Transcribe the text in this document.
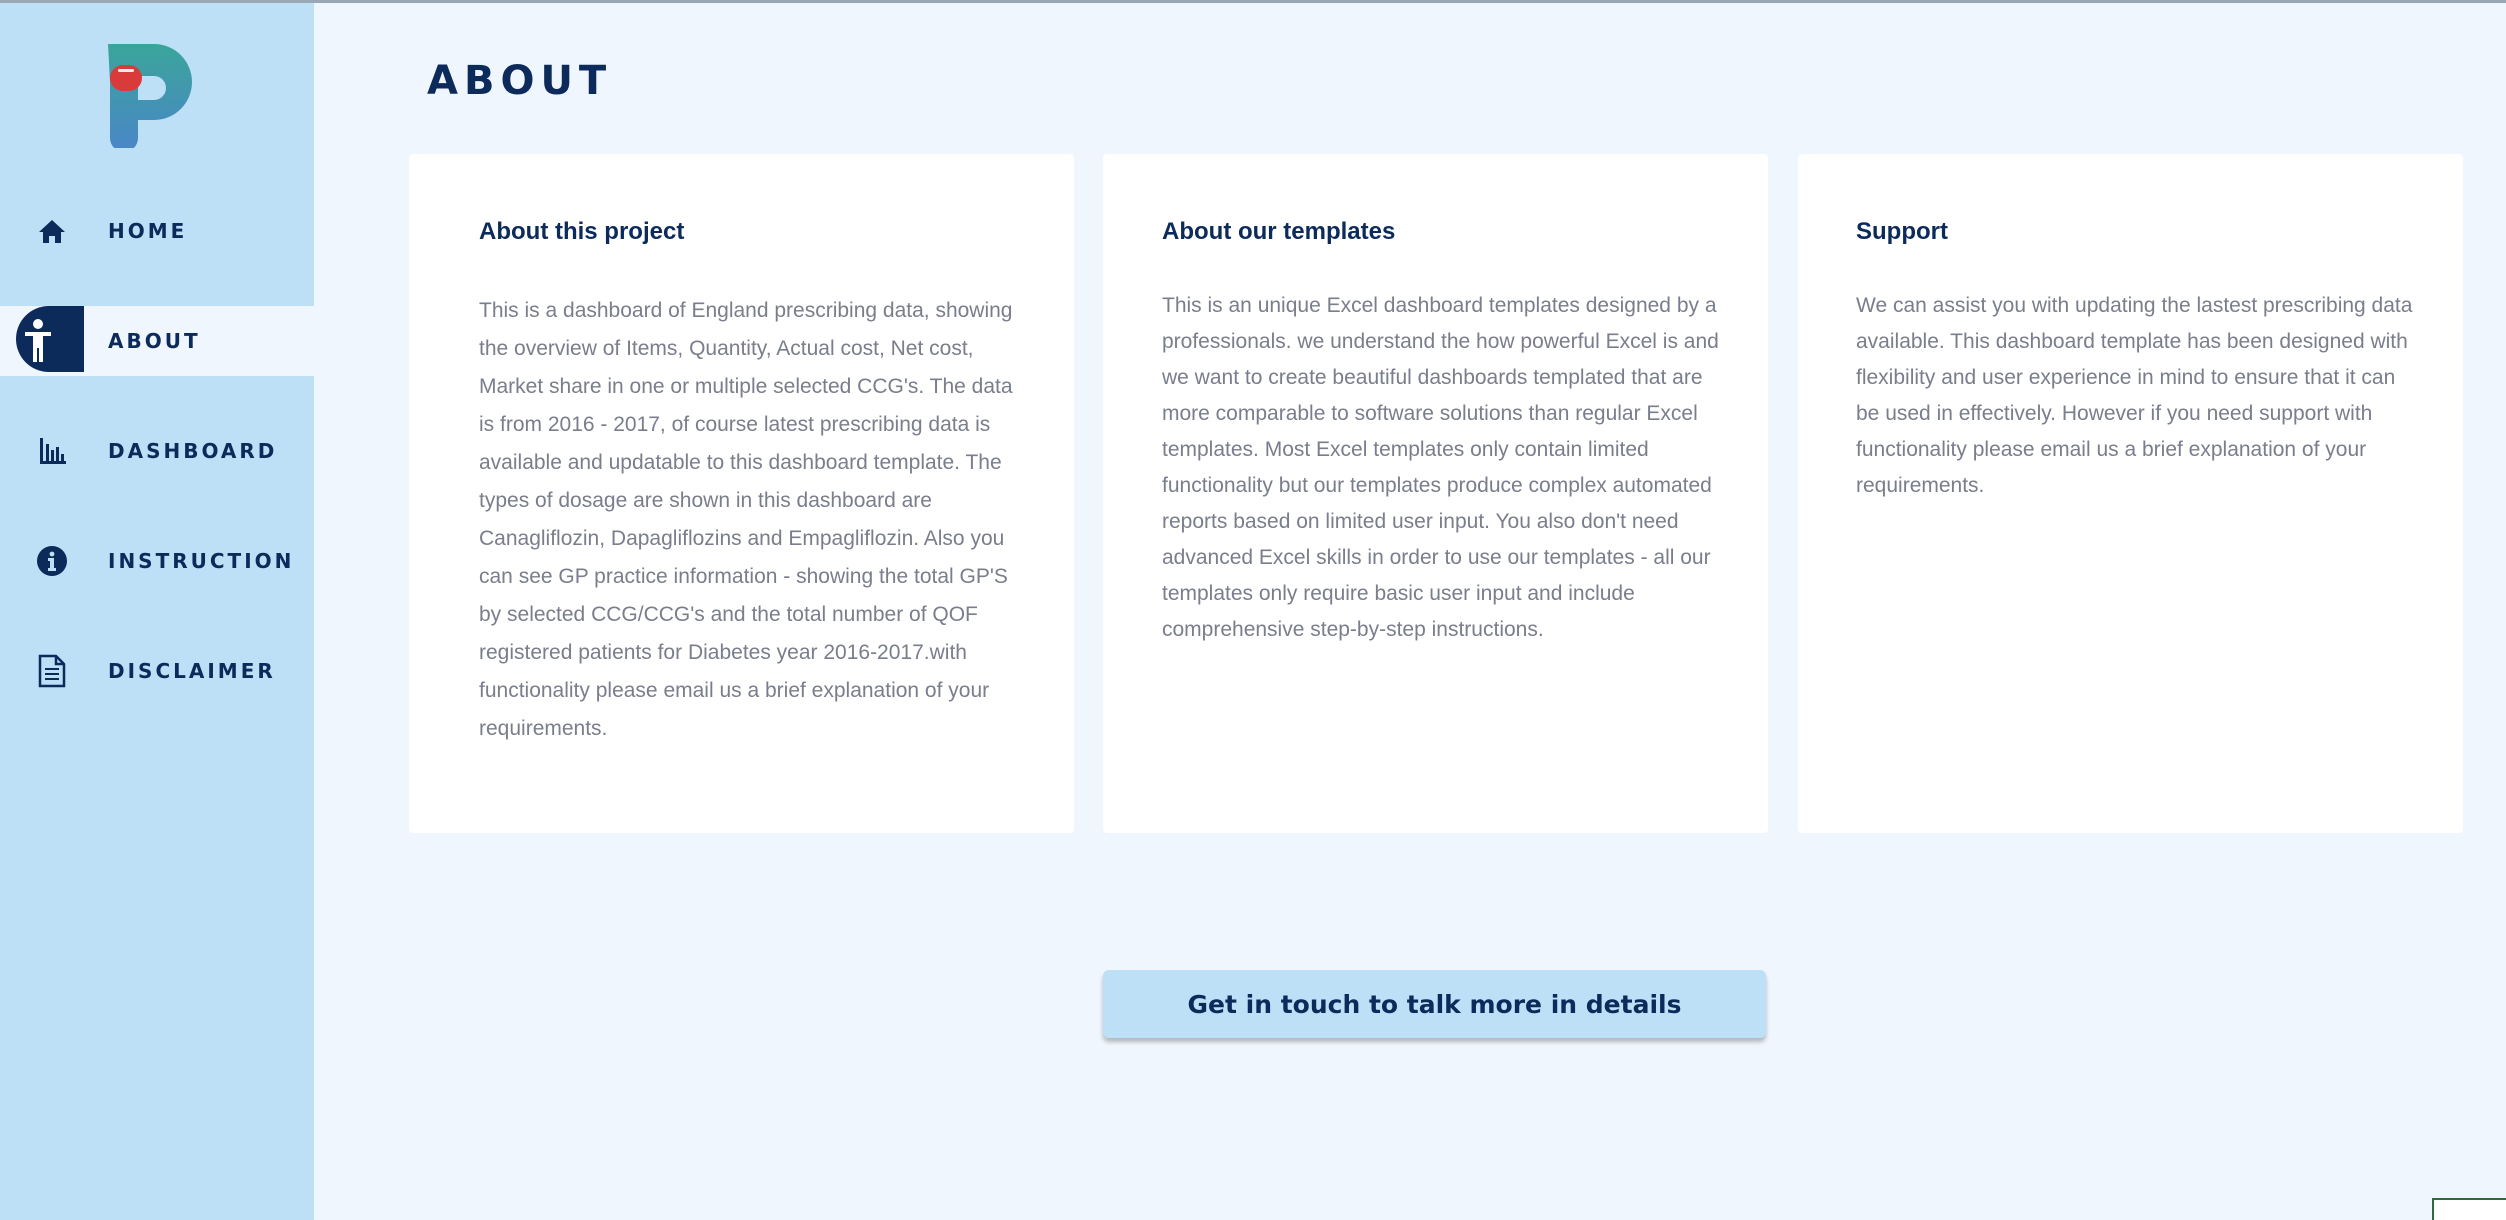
HOME
ABOUT
DASHBOARD
INSTRUCTION
DISCLAIMER
ABOUT
About this project

This is a dashboard of England prescribing data, showing the overview of Items, Quantity, Actual cost, Net cost, Market share in one or multiple selected CCG's. The data is from 2016 - 2017, of course latest prescribing data is available and updatable to this dashboard template. The types of dosage are shown in this dashboard are Canagliflozin, Dapagliflozins and Empagliflozin. Also you can see GP practice information - showing the total GP'S by selected CCG/CCG's and the total number of QOF registered patients for Diabetes year 2016-2017.with functionality please email us a brief explanation of your requirements.

About our templates

This is an unique Excel dashboard templates designed by a professionals. we understand the how powerful Excel is and we want to create beautiful dashboards templated that are more comparable to software solutions than regular Excel templates. Most Excel templates only contain limited functionality but our templates produce complex automated reports based on limited user input. You also don't need advanced Excel skills in order to use our templates - all our templates only require basic user input and include comprehensive step-by-step instructions.

Support

We can assist you with updating the lastest prescribing data available. This dashboard template has been designed with flexibility and user experience in mind to ensure that it can be used in effectively. However if you need support with functionality please email us a brief explanation of your requirements.

Get in touch to talk more in details
